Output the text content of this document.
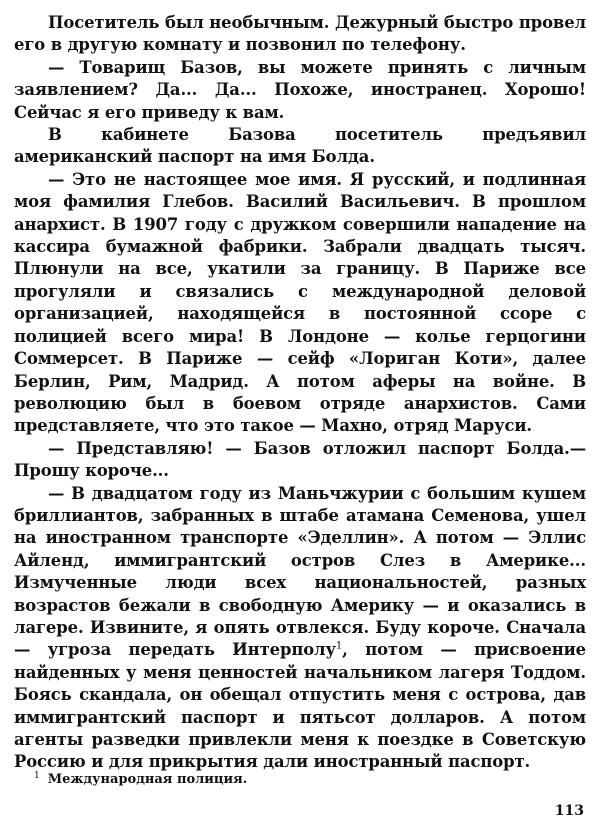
Посетитель был необычным. Дежурный быстро провел его в другую комнату и позвонил по телефону.

— Товарищ Базов, вы можете принять с личным заявлением? Да... Да... Похоже, иностранец. Хорошо! Сейчас я его приведу к вам.

В кабинете Базова посетитель предъявил американский паспорт на имя Болда.

— Это не настоящее мое имя. Я русский, и подлинная моя фамилия Глебов. Василий Васильевич. В прошлом анархист. В 1907 году с дружком совершили нападение на кассира бумажной фабрики. Забрали двадцать тысяч. Плюнули на все, укатили за границу. В Париже все прогуляли и связались с международной деловой организацией, находящейся в постоянной ссоре с полицией всего мира! В Лондоне — колье герцогини Соммерсет. В Париже — сейф «Лориган Коти», далее Берлин, Рим, Мадрид. А потом аферы на войне. В революцию был в боевом отряде анархистов. Сами представляете, что это такое — Махно, отряд Маруси.

— Представляю! — Базов отложил паспорт Болда.— Прошу короче...

— В двадцатом году из Маньчжурии с большим кушем бриллиантов, забранных в штабе атамана Семенова, ушел на иностранном транспорте «Эделлин». А потом — Эллис Айленд, иммигрантский остров Слез в Америке... Измученные люди всех национальностей, разных возрастов бежали в свободную Америку — и оказались в лагере. Извините, я опять отвлекся. Буду короче. Сначала — угроза передать Интерполу$^1$, потом — присвоение найденных у меня ценностей начальником лагеря Тоддом. Боясь скандала, он обещал отпустить меня с острова, дав иммигрантский паспорт и пятьсот долларов. А потом агенты разведки привлекли меня к поездке в Советскую Россию и для прикрытия дали иностранный паспорт.

$^1$ Международная полиция.
113
